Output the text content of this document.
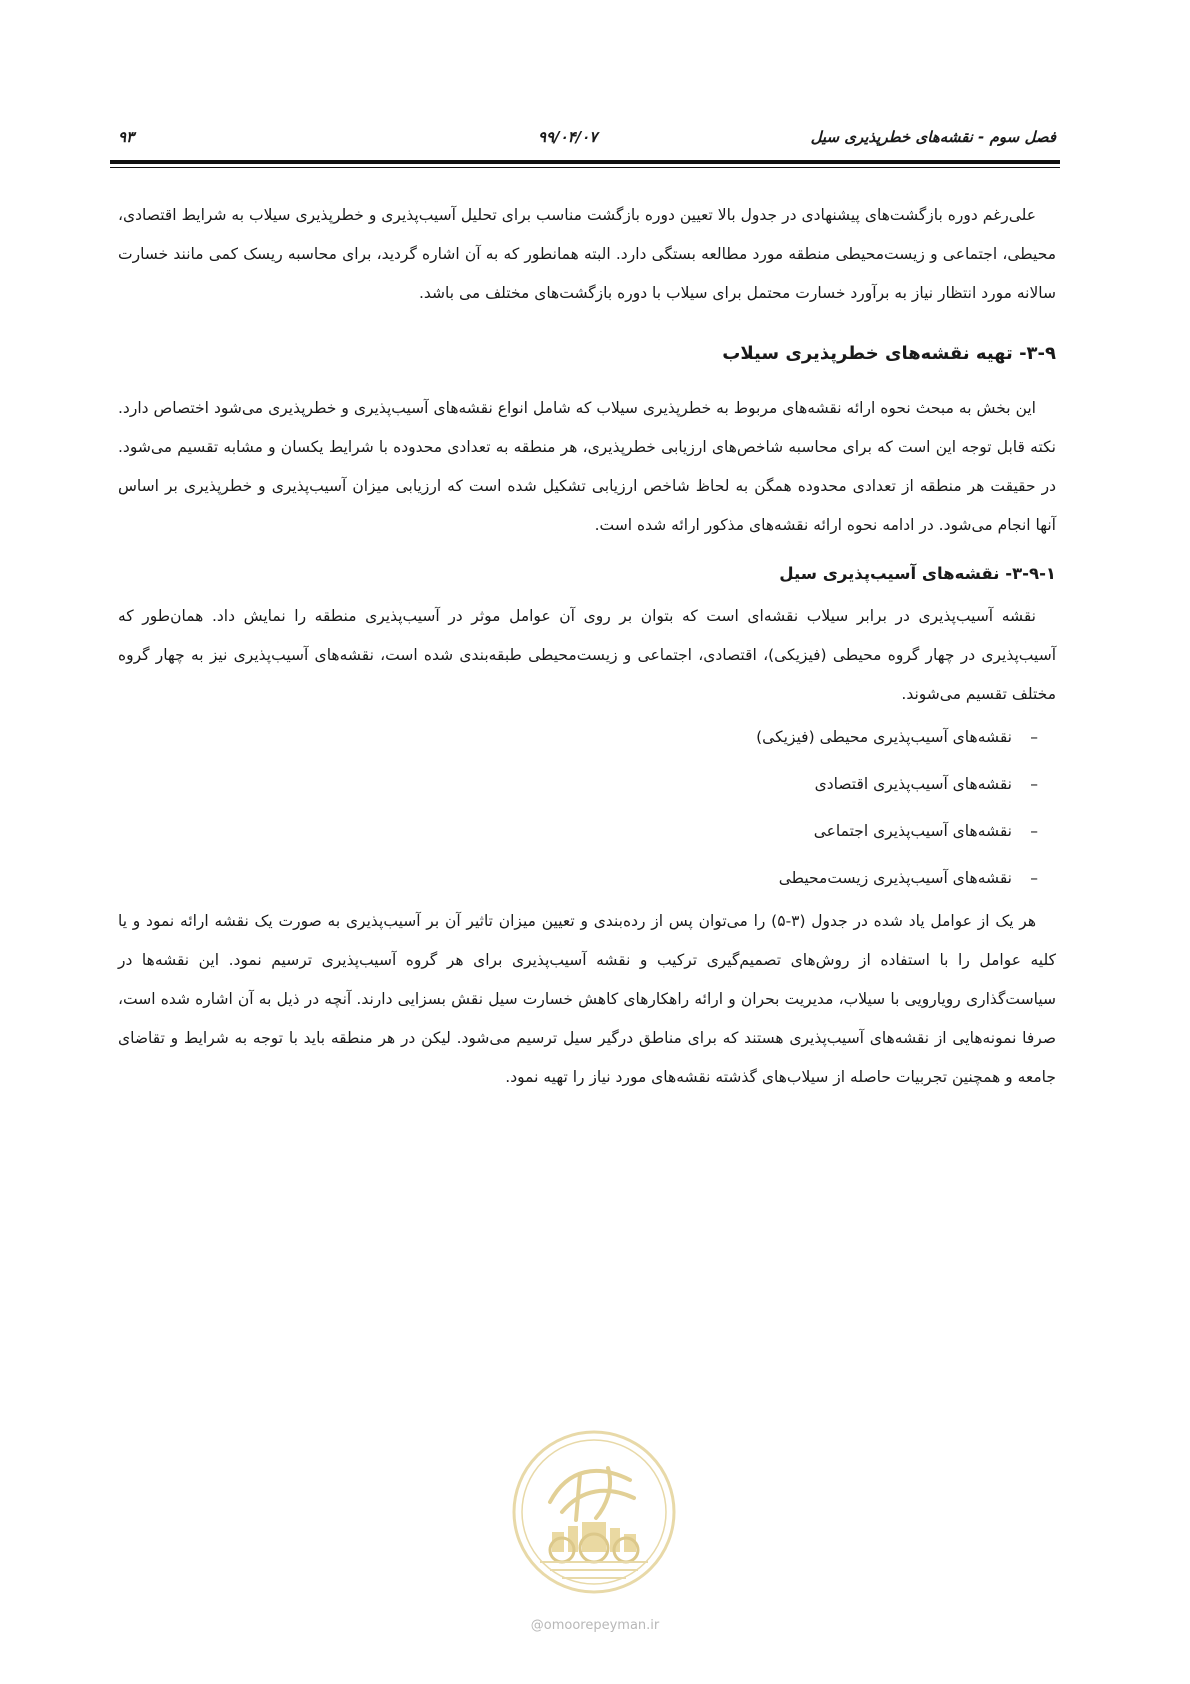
فصل سوم - نقشه‌های خطرپذیری سیل
۹۹/۰۴/۰۷
۹۳

علی‌رغم دوره بازگشت‌های پیشنهادی در جدول بالا تعیین دوره بازگشت مناسب برای تحلیل آسیب‌پذیری و خطرپذیری سیلاب به شرایط اقتصادی، محیطی، اجتماعی و زیست‌محیطی منطقه مورد مطالعه بستگی دارد. البته همانطور که به آن اشاره گردید، برای محاسبه ریسک کمی مانند خسارت سالانه مورد انتظار نیاز به برآورد خسارت محتمل برای سیلاب با دوره بازگشت‌های مختلف می باشد.

۳-۹- تهیه نقشه‌های خطرپذیری سیلاب

این بخش به مبحث نحوه ارائه نقشه‌های مربوط به خطرپذیری سیلاب که شامل انواع نقشه‌های آسیب‌پذیری و خطرپذیری می‌شود اختصاص دارد. نکته قابل توجه این است که برای محاسبه شاخص‌های ارزیابی خطرپذیری، هر منطقه به تعدادی محدوده با شرایط یکسان و مشابه تقسیم می‌شود. در حقیقت هر منطقه از تعدادی محدوده همگن به لحاظ شاخص ارزیابی تشکیل شده است که ارزیابی میزان آسیب‌پذیری و خطرپذیری بر اساس آنها انجام می‌شود. در ادامه نحوه ارائه نقشه‌های مذکور ارائه شده است.

۳-۹-۱- نقشه‌های آسیب‌پذیری سیل

نقشه آسیب‌پذیری در برابر سیلاب نقشه‌ای است که بتوان بر روی آن عوامل موثر در آسیب‌پذیری منطقه را نمایش داد. همان‌طور که آسیب‌پذیری در چهار گروه محیطی (فیزیکی)، اقتصادی، اجتماعی و زیست‌محیطی طبقه‌بندی شده است، نقشه‌های آسیب‌پذیری نیز به چهار گروه مختلف تقسیم می‌شوند.

–نقشه‌های آسیب‌پذیری محیطی (فیزیکی)
–نقشه‌های آسیب‌پذیری اقتصادی
–نقشه‌های آسیب‌پذیری اجتماعی
–نقشه‌های آسیب‌پذیری زیست‌محیطی

هر یک از عوامل یاد شده در جدول (۳-۵) را می‌توان پس از رده‌بندی و تعیین میزان تاثیر آن بر آسیب‌پذیری به صورت یک نقشه ارائه نمود و یا کلیه عوامل را با استفاده از روش‌های تصمیم‌گیری ترکیب و نقشه آسیب‌پذیری برای هر گروه آسیب‌پذیری ترسیم نمود. این نقشه‌ها در سیاست‌گذاری رویارویی با سیلاب، مدیریت بحران و ارائه راهکارهای کاهش خسارت سیل نقش بسزایی دارند. آنچه در ذیل به آن اشاره شده است، صرفا نمونه‌هایی از نقشه‌های آسیب‌پذیری هستند که برای مناطق درگیر سیل ترسیم می‌شود. لیکن در هر منطقه باید با توجه به شرایط و تقاضای جامعه و همچنین تجربیات حاصله از سیلاب‌های گذشته نقشه‌های مورد نیاز را تهیه نمود.

@omoorepeyman.ir
